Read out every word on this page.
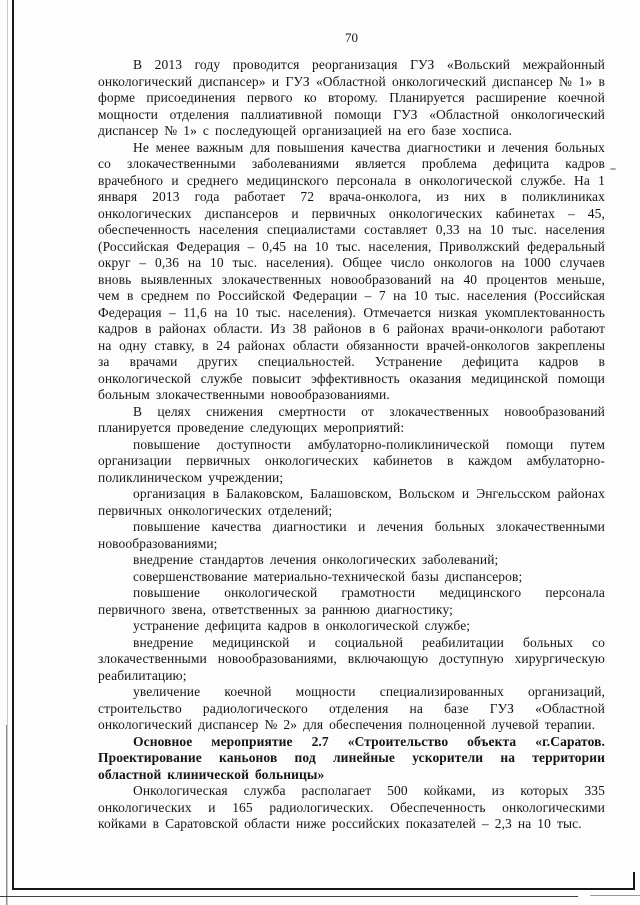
70

В 2013 году проводится реорганизация ГУЗ «Вольский межрайонный онкологический диспансер» и ГУЗ «Областной онкологический диспансер № 1» в форме присоединения первого ко второму. Планируется расширение коечной мощности отделения паллиативной помощи ГУЗ «Областной онкологический диспансер № 1» с последующей организацией на его базе хосписа.

Не менее важным для повышения качества диагностики и лечения больных со злокачественными заболеваниями является проблема дефицита кадров врачебного и среднего медицинского персонала в онкологической службе. На 1 января 2013 года работает 72 врача-онколога, из них в поликлиниках онкологических диспансеров и первичных онкологических кабинетах – 45, обеспеченность населения специалистами составляет 0,33 на 10 тыс. населения (Российская Федерация – 0,45 на 10 тыс. населения, Приволжский федеральный округ – 0,36 на 10 тыс. населения). Общее число онкологов на 1000 случаев вновь выявленных злокачественных новообразований на 40 процентов меньше, чем в среднем по Российской Федерации – 7 на 10 тыс. населения (Российская Федерация – 11,6 на 10 тыс. населения). Отмечается низкая укомплектованность кадров в районах области. Из 38 районов в 6 районах врачи-онкологи работают на одну ставку, в 24 районах области обязанности врачей-онкологов закреплены за врачами других специальностей. Устранение дефицита кадров в онкологической службе повысит эффективность оказания медицинской помощи больным злокачественными новообразованиями.

В целях снижения смертности от злокачественных новообразований планируется проведение следующих мероприятий:

повышение доступности амбулаторно-поликлинической помощи путем организации первичных онкологических кабинетов в каждом амбулаторно-поликлиническом учреждении;

организация в Балаковском, Балашовском, Вольском и Энгельсском районах первичных онкологических отделений;

повышение качества диагностики и лечения больных злокачественными новообразованиями;

внедрение стандартов лечения онкологических заболеваний;

совершенствование материально-технической базы диспансеров;

повышение онкологической грамотности медицинского персонала первичного звена, ответственных за раннюю диагностику;

устранение дефицита кадров в онкологической службе;

внедрение медицинской и социальной реабилитации больных со злокачественными новообразованиями, включающую доступную хирургическую реабилитацию;

увеличение коечной мощности специализированных организаций, строительство радиологического отделения на базе ГУЗ «Областной онкологический диспансер № 2» для обеспечения полноценной лучевой терапии.

Основное мероприятие 2.7 «Строительство объекта «г.Саратов. Проектирование каньонов под линейные ускорители на территории областной клинической больницы»

Онкологическая служба располагает 500 койками, из которых 335 онкологических и 165 радиологических. Обеспеченность онкологическими койками в Саратовской области ниже российских показателей – 2,3 на 10 тыс.
